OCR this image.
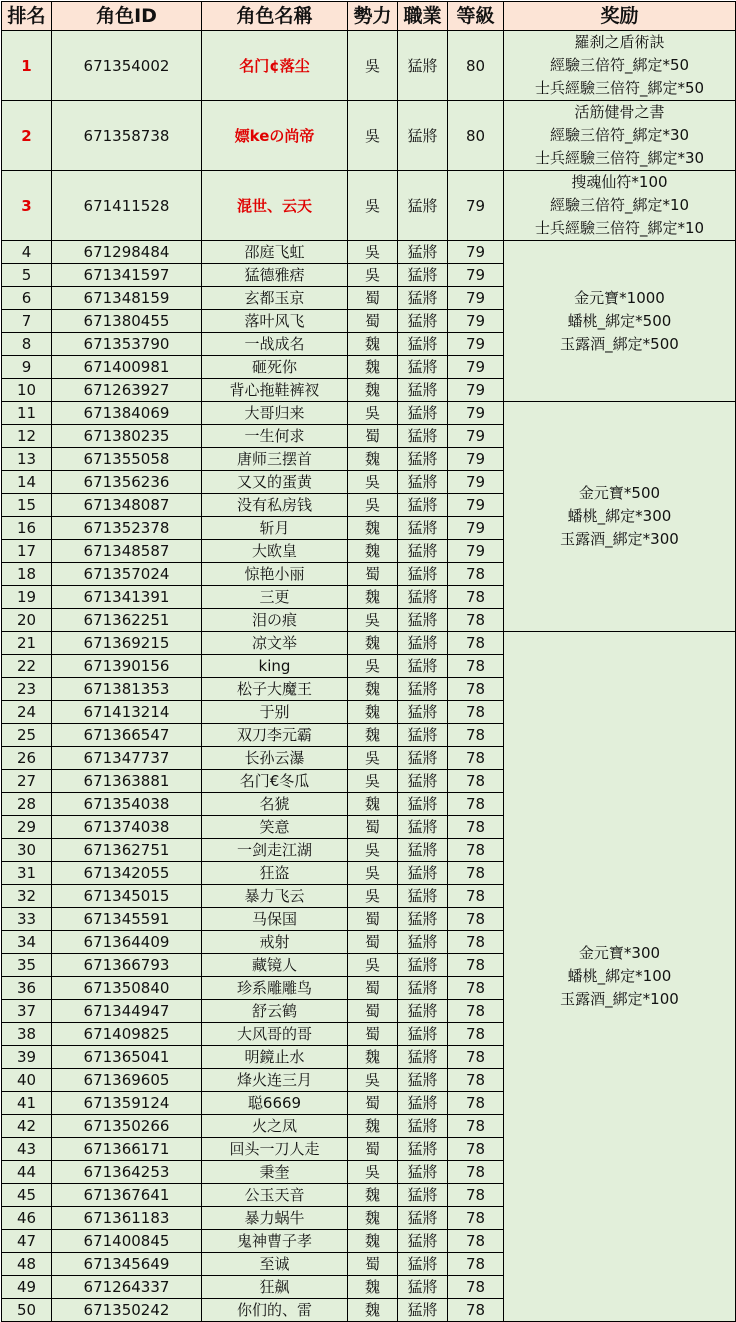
排名	角色ID	角色名稱	勢力	職業	等級	奖励
1	671354002	名门¢落尘	吳	猛將	80	羅刹之盾術訣
經驗三倍符_綁定*50
士兵經驗三倍符_綁定*50

2	671358738	嫖keの尚帝	吳	猛將	80	活筋健骨之書
經驗三倍符_綁定*30
士兵經驗三倍符_綁定*30

3	671411528	混世、云天	吳	猛將	79	搜魂仙符*100
經驗三倍符_綁定*10
士兵經驗三倍符_綁定*10

4	671298484	邵庭飞虹	吳	猛將	79	金元寶*1000
蟠桃_綁定*500
玉露酒_綁定*500

5	671341597	猛德雅痞	吳	猛將	79	
6	671348159	玄都玉京	蜀	猛將	79	
7	671380455	落叶风飞	蜀	猛將	79	
8	671353790	一战成名	魏	猛將	79	
9	671400981	砸死你	魏	猛將	79	
10	671263927	背心拖鞋裤衩	魏	猛將	79	
11	671384069	大哥归来	吳	猛將	79	金元寶*500
蟠桃_綁定*300
玉露酒_綁定*300

12	671380235	一生何求	蜀	猛將	79	
13	671355058	唐师三摆首	魏	猛將	79	
14	671356236	又又的蛋黄	吳	猛將	79	
15	671348087	没有私房钱	吳	猛將	79	
16	671352378	斩月	魏	猛將	79	
17	671348587	大欧皇	魏	猛將	79	
18	671357024	惊艳小丽	蜀	猛將	78	
19	671341391	三更	魏	猛將	78	
20	671362251	泪の痕	吳	猛將	78	
21	671369215	凉文举	魏	猛將	78	金元寶*300
蟠桃_綁定*100
玉露酒_綁定*100

22	671390156	king	吳	猛將	78	
23	671381353	松子大魔王	魏	猛將	78	
24	671413214	于别	魏	猛將	78	
25	671366547	双刀李元霸	魏	猛將	78	
26	671347737	长孙云瀑	吳	猛將	78	
27	671363881	名门€冬瓜	吳	猛將	78	
28	671354038	名猇	魏	猛將	78	
29	671374038	笑意	蜀	猛將	78	
30	671362751	一剑走江湖	吳	猛將	78	
31	671342055	狂盗	吳	猛將	78	
32	671345015	暴力飞云	吳	猛將	78	
33	671345591	马保国	蜀	猛將	78	
34	671364409	戒射	蜀	猛將	78	
35	671366793	藏镜人	吳	猛將	78	
36	671350840	珍系雕雕鸟	蜀	猛將	78	
37	671344947	舒云鹤	蜀	猛將	78	
38	671409825	大风哥的哥	蜀	猛將	78	
39	671365041	明鏡止水	魏	猛將	78	
40	671369605	烽火连三月	吳	猛將	78	
41	671359124	聪6669	蜀	猛將	78	
42	671350266	火之凤	魏	猛將	78	
43	671366171	回头一刀人走	蜀	猛將	78	
44	671364253	秉奎	吳	猛將	78	
45	671367641	公玉天音	魏	猛將	78	
46	671361183	暴力蜗牛	魏	猛將	78	
47	671400845	鬼神曹子孝	魏	猛將	78	
48	671345649	至诚	蜀	猛將	78	
49	671264337	狂飙	魏	猛將	78	
50	671350242	你们的、雷	魏	猛將	78	
